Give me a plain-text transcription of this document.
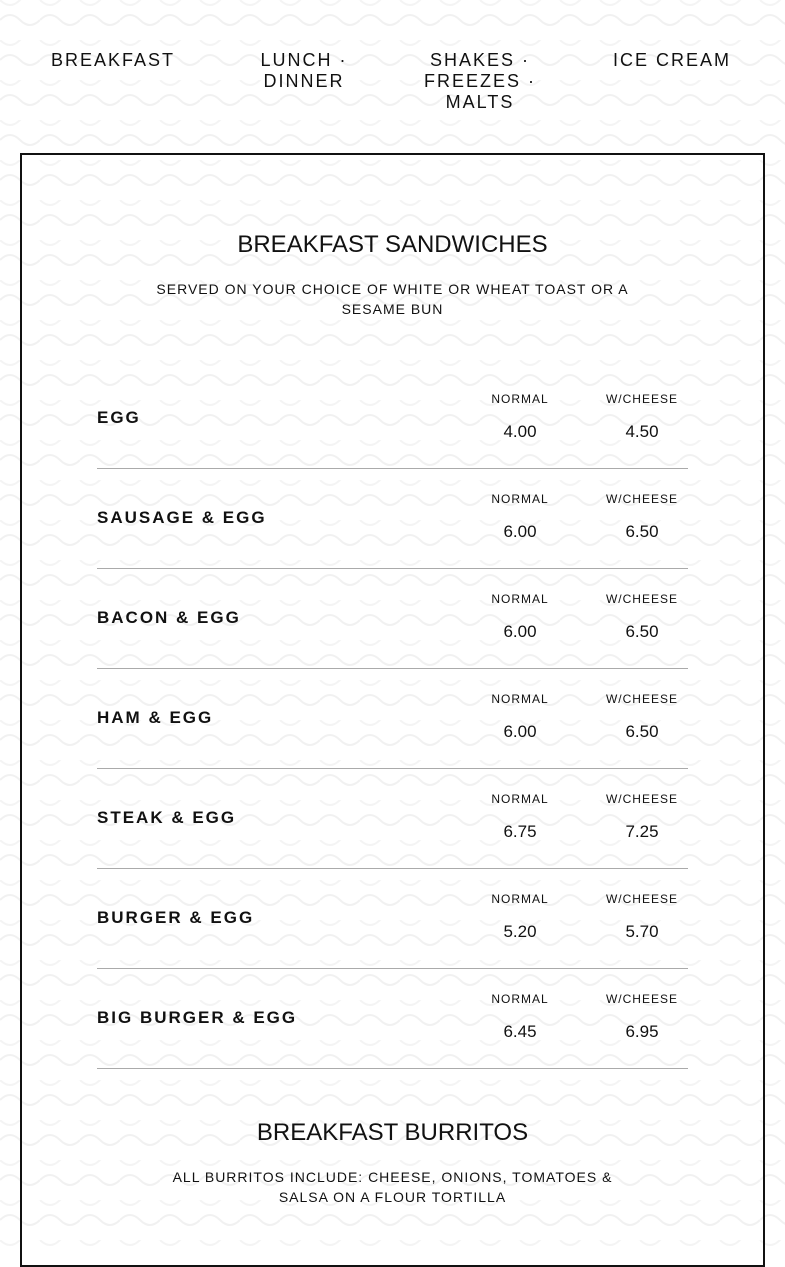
BREAKFAST	LUNCH ·
DINNER
SHAKES ·
FREEZES ·
MALTS
ICE CREAM
BREAKFAST SANDWICHES

SERVED ON YOUR CHOICE OF WHITE OR WHEAT TOAST OR A SESAME BUN

EGG
NORMAL
4.00
W/CHEESE
4.50
SAUSAGE & EGG
NORMAL
6.00
W/CHEESE
6.50
BACON & EGG
NORMAL
6.00
W/CHEESE
6.50
HAM & EGG
NORMAL
6.00
W/CHEESE
6.50
STEAK & EGG
NORMAL
6.75
W/CHEESE
7.25
BURGER & EGG
NORMAL
5.20
W/CHEESE
5.70
BIG BURGER & EGG
NORMAL
6.45
W/CHEESE
6.95
BREAKFAST BURRITOS

ALL BURRITOS INCLUDE: CHEESE, ONIONS, TOMATOES & SALSA ON A FLOUR TORTILLA
